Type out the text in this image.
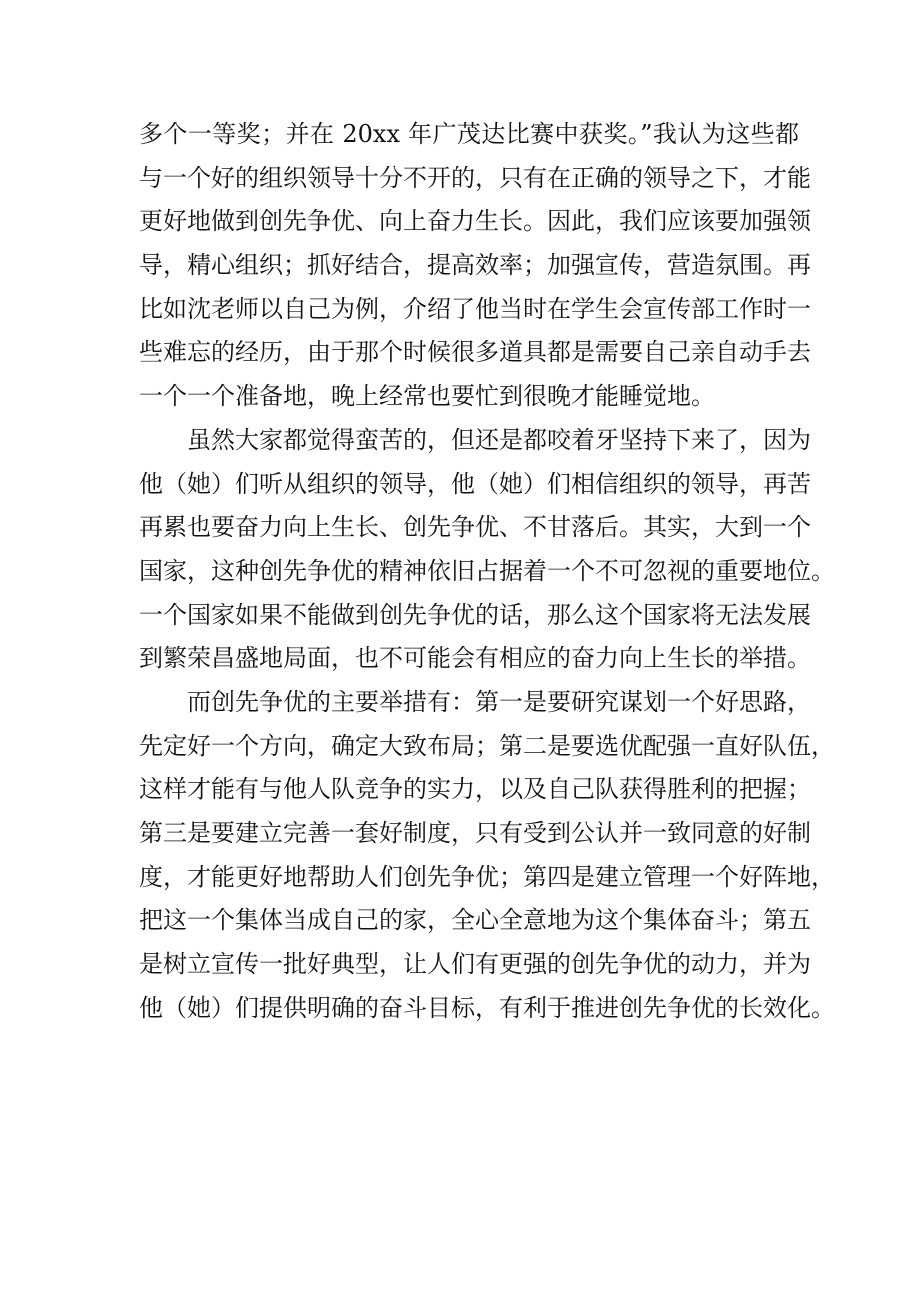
多个一等奖；并在 20xx 年广茂达比赛中获奖。”我认为这些都
与一个好的组织领导十分不开的，只有在正确的领导之下，才能
更好地做到创先争优、向上奋力生长。因此，我们应该要加强领
导，精心组织；抓好结合，提高效率；加强宣传，营造氛围。再
比如沈老师以自己为例，介绍了他当时在学生会宣传部工作时一
些难忘的经历，由于那个时候很多道具都是需要自己亲自动手去
一个一个准备地，晚上经常也要忙到很晚才能睡觉地。
虽然大家都觉得蛮苦的，但还是都咬着牙坚持下来了，因为
他（她）们听从组织的领导，他（她）们相信组织的领导，再苦
再累也要奋力向上生长、创先争优、不甘落后。其实，大到一个
国家，这种创先争优的精神依旧占据着一个不可忽视的重要地位。
一个国家如果不能做到创先争优的话，那么这个国家将无法发展
到繁荣昌盛地局面，也不可能会有相应的奋力向上生长的举措。
而创先争优的主要举措有：第一是要研究谋划一个好思路，
先定好一个方向，确定大致布局；第二是要选优配强一直好队伍，
这样才能有与他人队竞争的实力，以及自己队获得胜利的把握；
第三是要建立完善一套好制度，只有受到公认并一致同意的好制
度，才能更好地帮助人们创先争优；第四是建立管理一个好阵地，
把这一个集体当成自己的家，全心全意地为这个集体奋斗；第五
是树立宣传一批好典型，让人们有更强的创先争优的动力，并为
他（她）们提供明确的奋斗目标，有利于推进创先争优的长效化。
